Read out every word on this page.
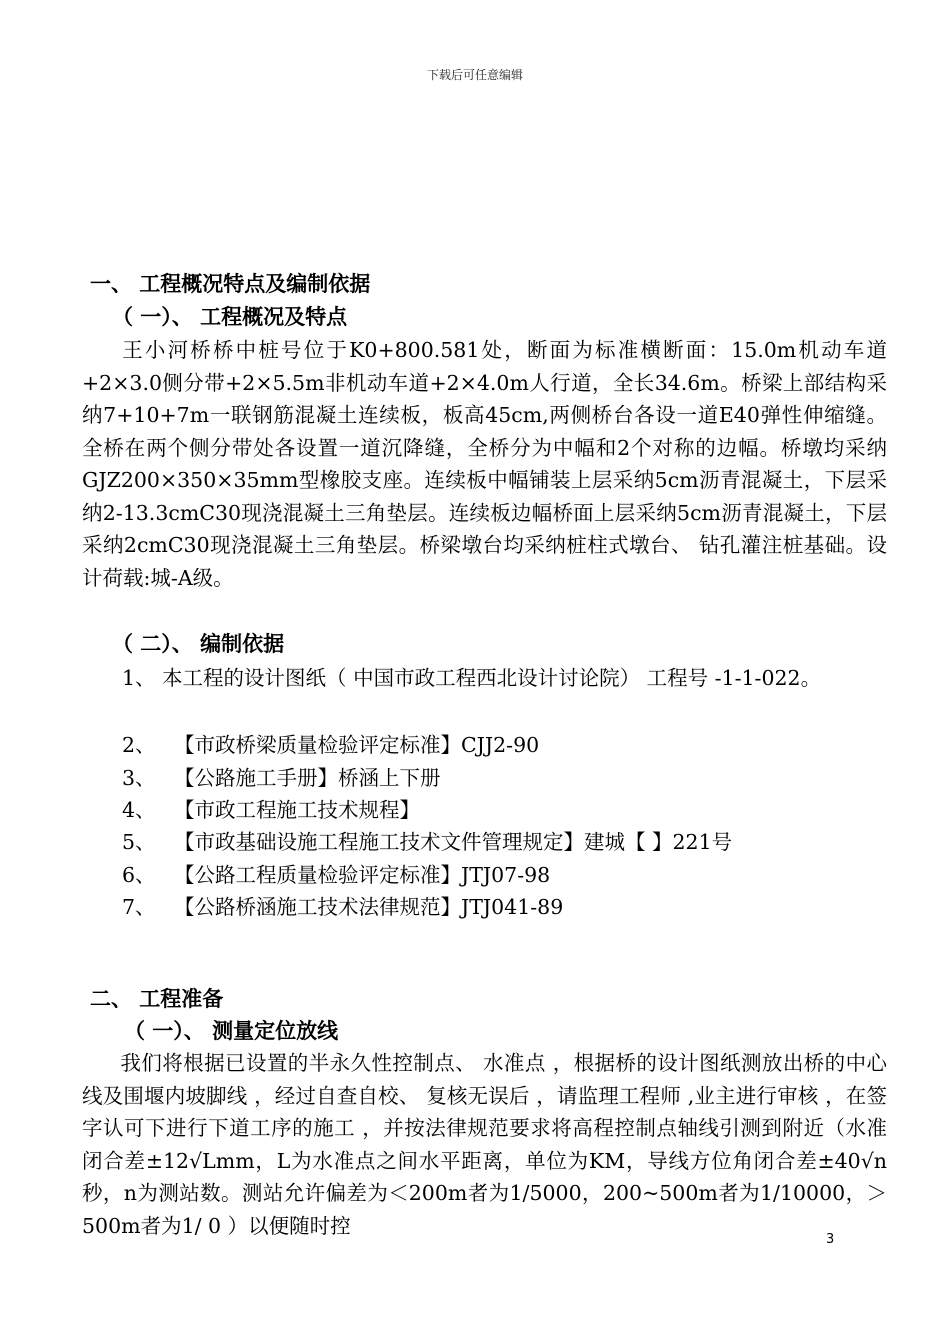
下载后可任意编辑
一、 工程概况特点及编制依据
（ 一）、 工程概况及特点
王小河桥桥中桩号位于K0+800.581处，断面为标准横断面：15.0m机动车道+2×3.0侧分带+2×5.5m非机动车道+2×4.0m人行道，全长34.6m。桥梁上部结构采纳7+10+7m一联钢筋混凝土连续板，板高45cm,两侧桥台各设一道E40弹性伸缩缝。全桥在两个侧分带处各设置一道沉降缝，全桥分为中幅和2个对称的边幅。桥墩均采纳GJZ200×350×35mm型橡胶支座。连续板中幅铺装上层采纳5cm沥青混凝土，下层采纳2-13.3cmC30现浇混凝土三角垫层。连续板边幅桥面上层采纳5cm沥青混凝土，下层采纳2cmC30现浇混凝土三角垫层。桥梁墩台均采纳桩柱式墩台、 钻孔灌注桩基础。设计荷载:城-A级。
（ 二）、 编制依据
1、 本工程的设计图纸（ 中国市政工程西北设计讨论院） 工程号 -1-1-022。
2、 【市政桥梁质量检验评定标准】CJJ2-90
3、 【公路施工手册】桥涵上下册
4、 【市政工程施工技术规程】
5、 【市政基础设施工程施工技术文件管理规定】建城【 】221号
6、 【公路工程质量检验评定标准】JTJ07-98
7、 【公路桥涵施工技术法律规范】JTJ041-89
二、 工程准备
（ 一）、 测量定位放线
我们将根据已设置的半永久性控制点、 水准点 ，根据桥的设计图纸测放出桥的中心线及围堰内坡脚线 ，经过自查自校、 复核无误后 ，请监理工程师 ,业主进行审核 ，在签字认可下进行下道工序的施工 ，并按法律规范要求将高程控制点轴线引测到附近（水准闭合差±12√Lmm，L为水准点之间水平距离，单位为KM，导线方位角闭合差±40√n秒，n为测站数。测站允许偏差为＜200m者为1/5000，200~500m者为1/10000，＞500m者为1/ 0 ）以便随时控
3
